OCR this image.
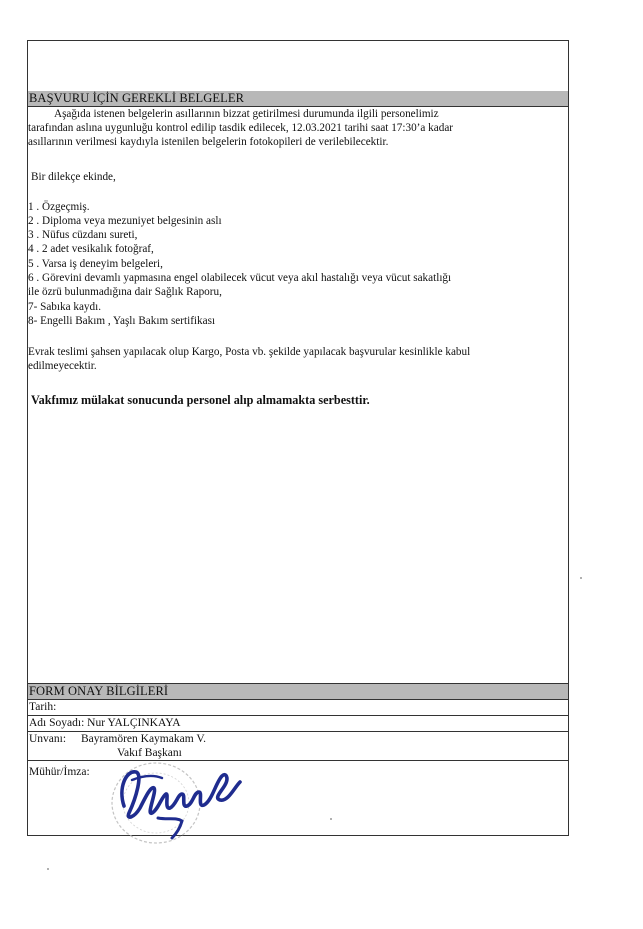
BAŞVURU İÇİN GEREKLİ BELGELER
Aşağıda istenen belgelerin asıllarının bizzat getirilmesi durumunda ilgili personelimiz
tarafından aslına uygunluğu kontrol edilip tasdik edilecek, 12.03.2021 tarihi saat 17:30’a kadar
asıllarının verilmesi kaydıyla istenilen belgelerin fotokopileri de verilebilecektir.
Bir dilekçe ekinde,
1 . Özgeçmiş.
2 . Diploma veya mezuniyet belgesinin aslı
3 . Nüfus cüzdanı sureti,
4 . 2 adet vesikalık fotoğraf,
5 . Varsa iş deneyim belgeleri,
6 . Görevini devamlı yapmasına engel olabilecek vücut veya akıl hastalığı veya vücut sakatlığı
ile özrü bulunmadığına dair Sağlık Raporu,
7- Sabıka kaydı.
8- Engelli Bakım , Yaşlı Bakım sertifikası
Evrak teslimi şahsen yapılacak olup Kargo, Posta vb. şekilde yapılacak başvurular kesinlikle kabul
edilmeyecektir.
Vakfımız mülakat sonucunda personel alıp almamakta serbesttir.
FORM ONAY BİLGİLERİ
Tarih:
Adı Soyadı: Nur YALÇINKAYA
Unvanı: Bayramören Kaymakam V.
Vakıf Başkanı
Mühür/İmza:
